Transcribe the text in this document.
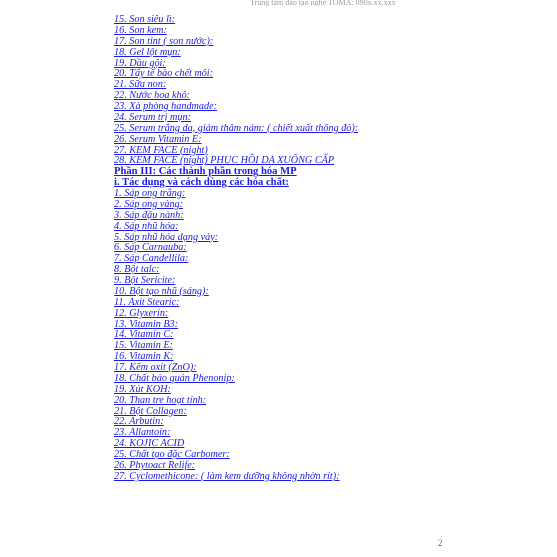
Trung tâm đào tạo nghề TOMA: 090x.xx.xxx
15. Son siêu lì:
16. Son kem:
17. Son tint ( son nước):
18. Gel lột mụn:
19. Dầu gội:
20. Tẩy tế bào chết môi:
21. Sữa non:
22. Nước hoa khô:
23. Xà phòng handmade:
24. Serum trị mụn:
25. Serum trắng da, giảm thâm nám: ( chiết xuất thông đỏ):
26. Serum Vitamin E:
27. KEM FACE (night)
28. KEM FACE (night) PHỤC HỒI DA XUỐNG CẤP
Phần III: Các thành phần trong hóa MP
i. Tác dụng và cách dùng các hóa chất:
1. Sáp ong trắng:
2. Sáp ong vàng:
3. Sáp đậu nành:
4. Sáp nhũ hóa:
5. Sáp nhũ hóa dạng vảy:
6. Sáp Carnauba:
7. Sáp Candellila:
8. Bột talc:
9. Bột Sericite:
10. Bột tạo nhũ (sáng):
11. Axit Stearic:
12. Glyxerin:
13. Vitamin B3:
14. Vitamin C:
15. Vitamin E:
16. Vitamin K:
17. Kẽm oxit (ZnO):
18. Chất bảo quản Phenonip:
19. Xút KOH:
20. Than tre hoạt tính:
21. Bột Collagen:
22. Arbutin:
23. Allantoin:
24. KOJIC ACID
25. Chất tạo đặc Carbomer:
26. Phytoact Relife:
27. Cyclomethicone: ( làm kem dưỡng không nhờn rít):
2
